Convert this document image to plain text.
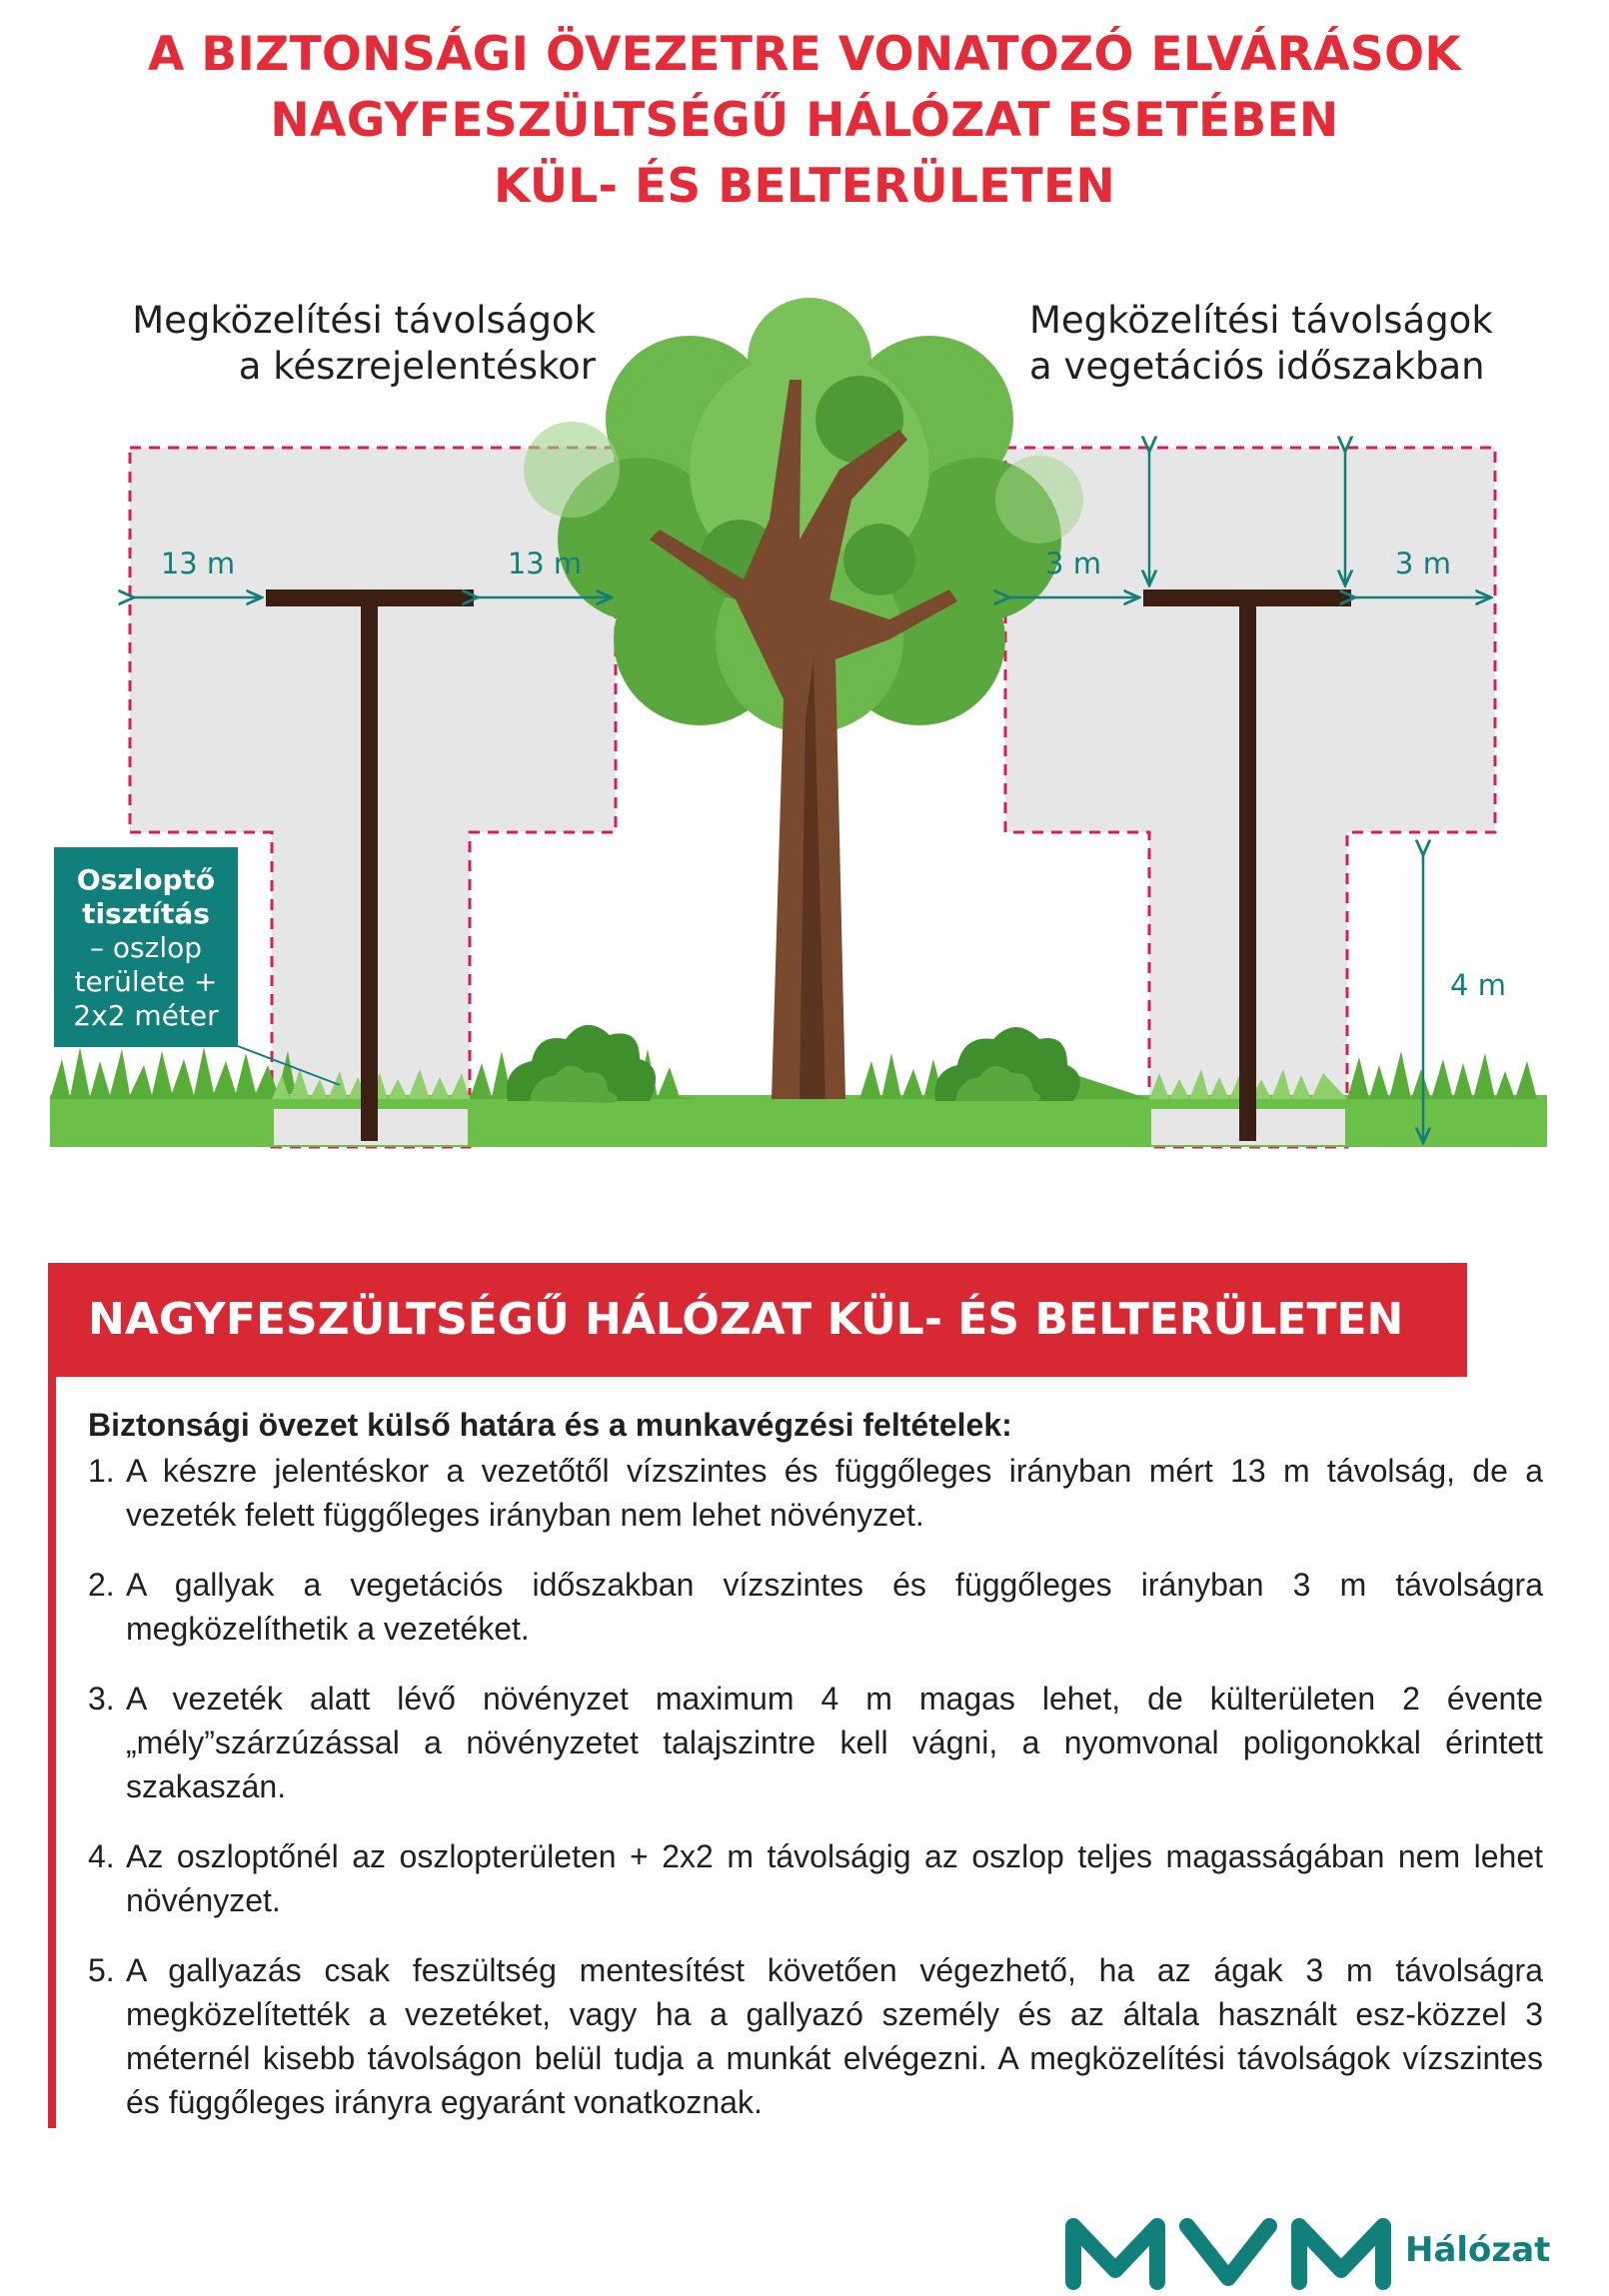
A BIZTONSÁGI ÖVEZETRE VONATOZÓ ELVÁRÁSOK
NAGYFESZÜLTSÉGŰ HÁLÓZAT ESETÉBEN
KÜL- ÉS BELTERÜLETEN
Megközelítési távolságok
a készrejelentéskor
Megközelítési távolságok
a vegetációs időszakban
13 m	13 m	3 m	3 m
4 m
Oszloptő
tisztítás
– oszlop
területe +
2x2 méter
NAGYFESZÜLTSÉGŰ HÁLÓZAT KÜL- ÉS BELTERÜLETEN
Biztonsági övezet külső határa és a munkavégzési feltételek:
1. A készre jelentéskor a vezetőtől vízszintes és függőleges irányban mért 13 m távolság, de a vezeték felett függőleges irányban nem lehet növényzet.
2. A gallyak a vegetációs időszakban vízszintes és függőleges irányban 3 m távolságra megközelíthetik a vezetéket.
3. A vezeték alatt lévő növényzet maximum 4 m magas lehet, de külterületen 2 évente „mély”szárzúzással a növényzetet talajszintre kell vágni, a nyomvonal poligonokkal érintett szakaszán.
4. Az oszloptőnél az oszlopterületen + 2x2 m távolságig az oszlop teljes magasságában nem lehet növényzet.
5. A gallyazás csak feszültség mentesítést követően végezhető, ha az ágak 3 m távolságra megközelítették a vezetéket, vagy ha a gallyazó személy és az általa használt esz-közzel 3 méternél kisebb távolságon belül tudja a munkát elvégezni. A megközelítési távolságok vízszintes és függőleges irányra egyaránt vonatkoznak.
Hálózat
